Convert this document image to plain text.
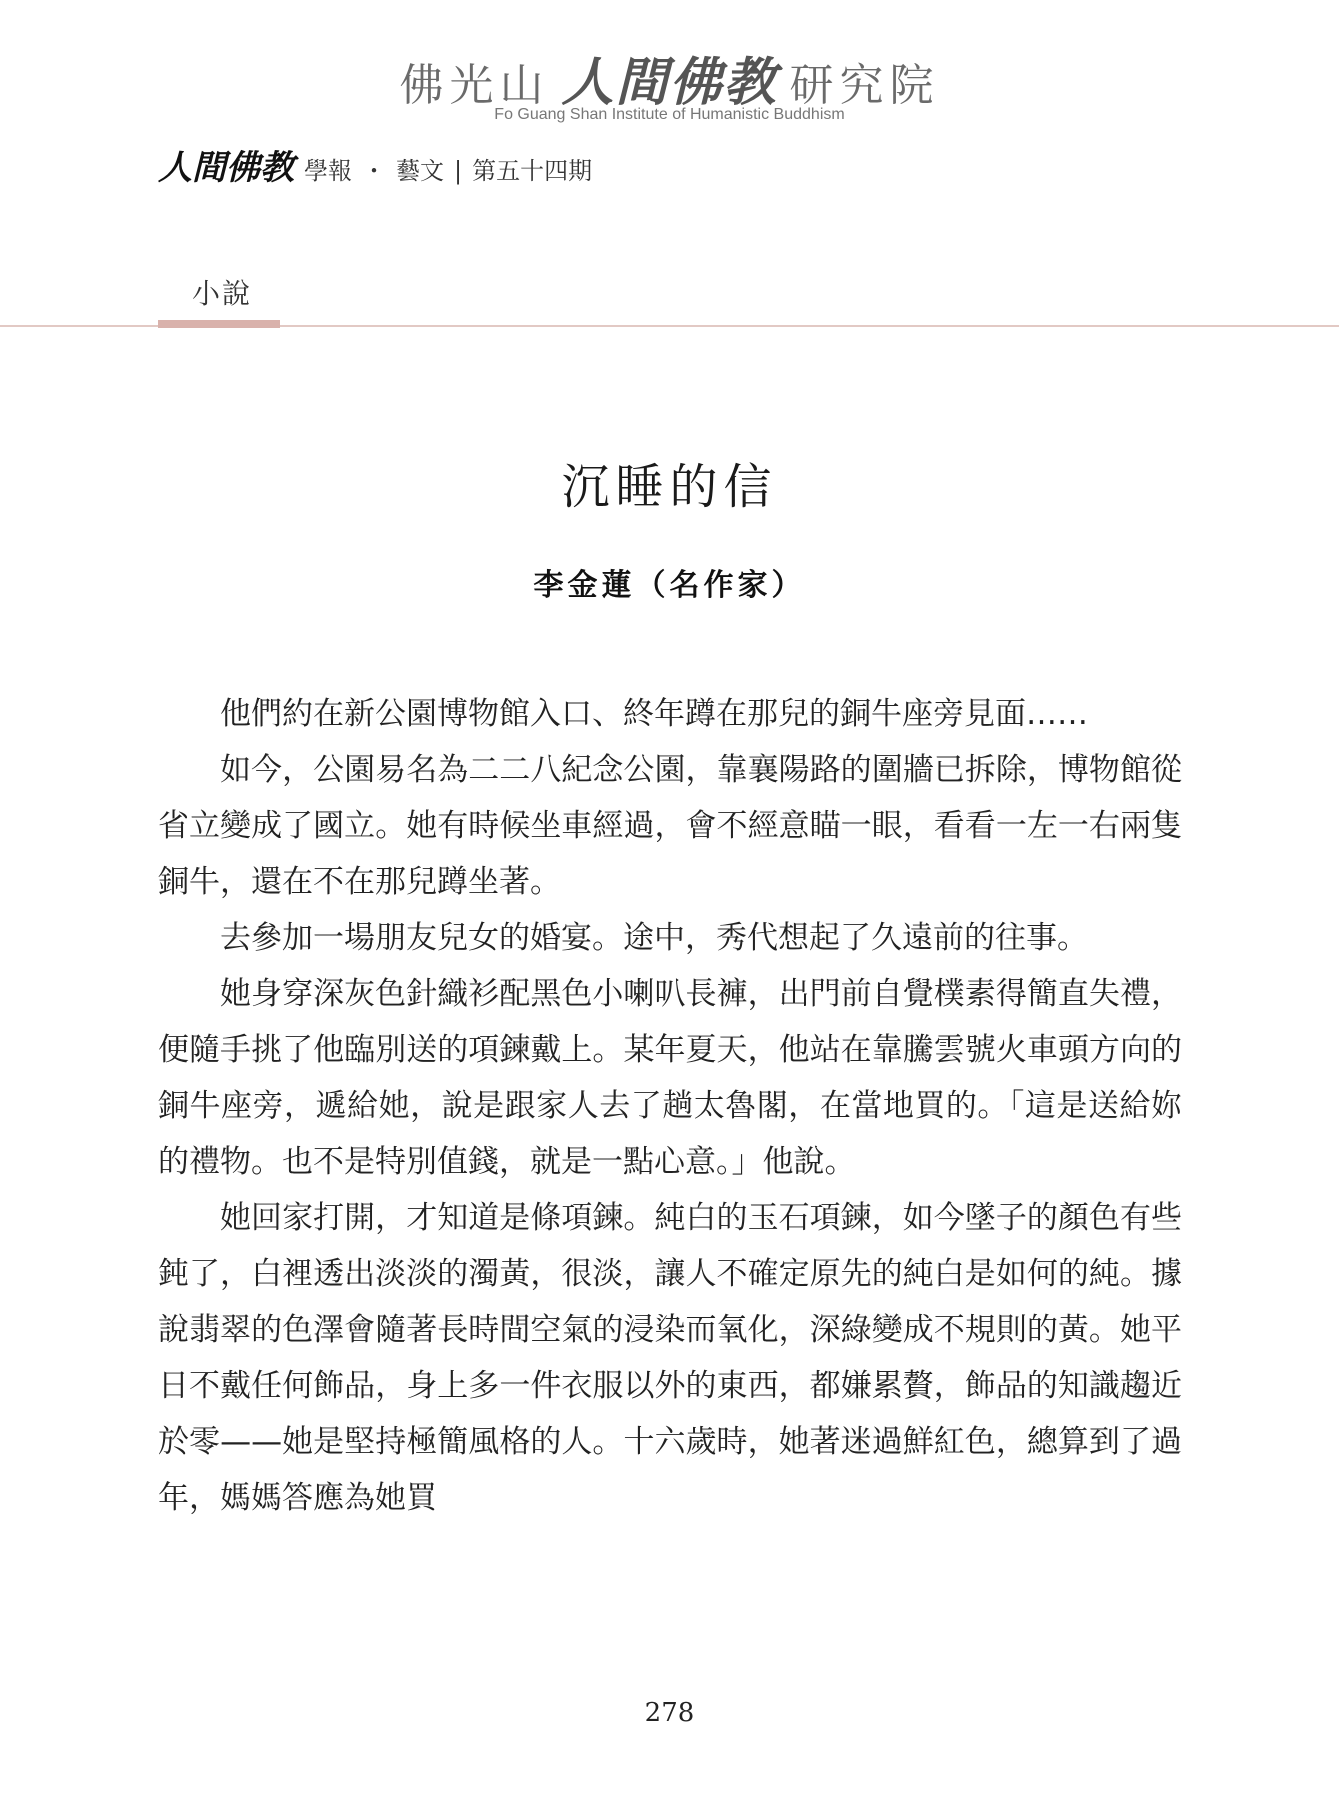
佛光山 人間佛教 研究院
Fo Guang Shan Institute of Humanistic Buddhism
人間佛教 學報 ・ 藝文 | 第五十四期
小說
沉睡的信
李金蓮（名作家）

他們約在新公園博物館入口、終年蹲在那兒的銅牛座旁見面……

如今，公園易名為二二八紀念公園，靠襄陽路的圍牆已拆除，博物館從省立變成了國立。她有時候坐車經過，會不經意瞄一眼，看看一左一右兩隻銅牛，還在不在那兒蹲坐著。

去參加一場朋友兒女的婚宴。途中，秀代想起了久遠前的往事。

她身穿深灰色針織衫配黑色小喇叭長褲，出門前自覺樸素得簡直失禮，便隨手挑了他臨別送的項鍊戴上。某年夏天，他站在靠騰雲號火車頭方向的銅牛座旁，遞給她，說是跟家人去了趟太魯閣，在當地買的。「這是送給妳的禮物。也不是特別值錢，就是一點心意。」他說。

她回家打開，才知道是條項鍊。純白的玉石項鍊，如今墜子的顏色有些鈍了，白裡透出淡淡的濁黃，很淡，讓人不確定原先的純白是如何的純。據說翡翠的色澤會隨著長時間空氣的浸染而氧化，深綠變成不規則的黃。她平日不戴任何飾品，身上多一件衣服以外的東西，都嫌累贅，飾品的知識趨近於零——她是堅持極簡風格的人。十六歲時，她著迷過鮮紅色，總算到了過年，媽媽答應為她買

278
